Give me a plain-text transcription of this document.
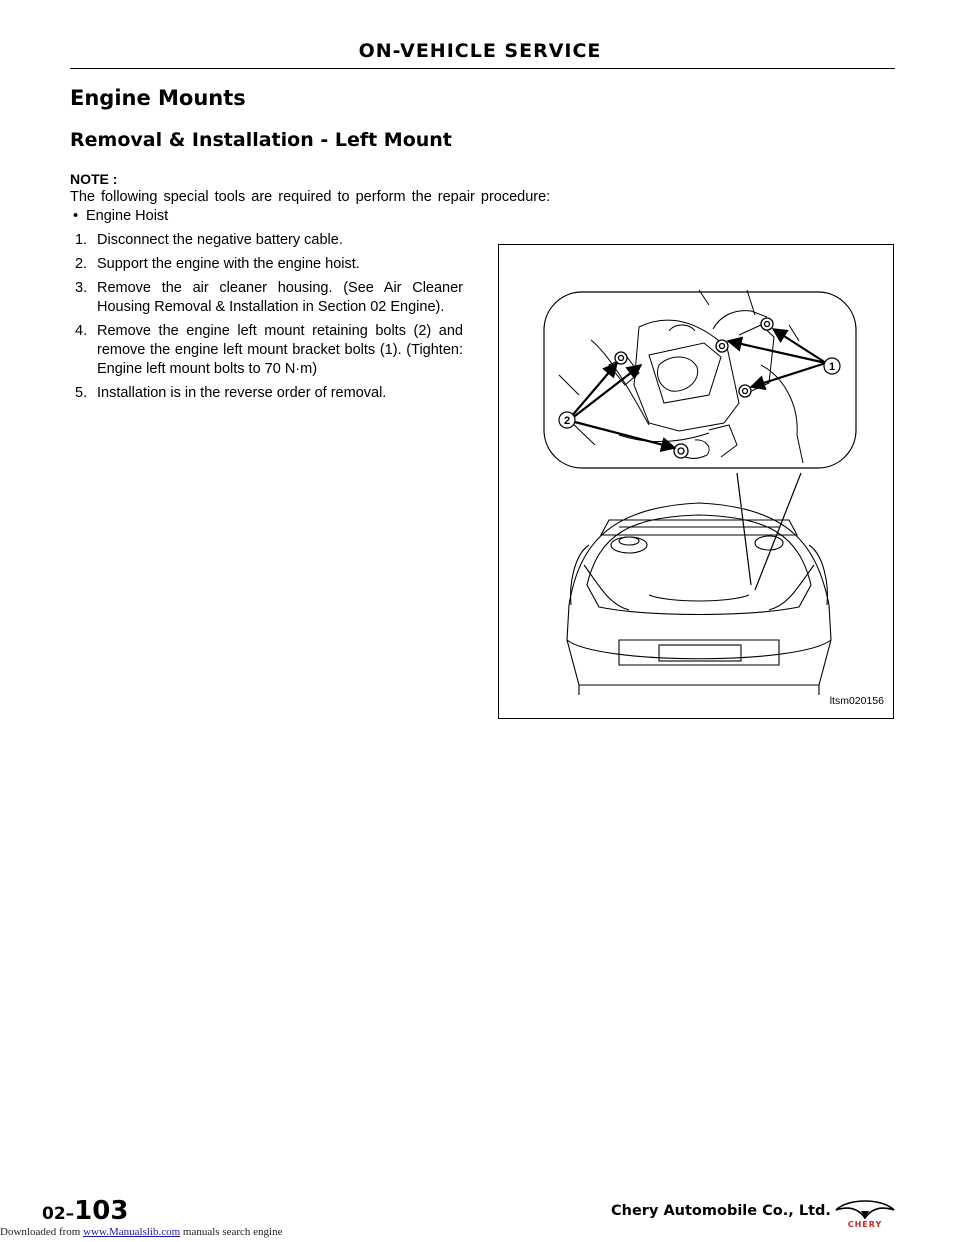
ON-VEHICLE SERVICE
Engine Mounts
Removal & Installation - Left Mount
NOTE :
The following special tools are required to perform the repair procedure:
• Engine Hoist
1. Disconnect the negative battery cable.
2. Support the engine with the engine hoist.
3. Remove the air cleaner housing. (See Air Cleaner Housing Removal & Installation in Section 02 Engine).
4. Remove the engine left mount retaining bolts (2) and remove the engine left mount bracket bolts (1). (Tighten: Engine left mount bolts to 70 N·m)
5. Installation is in the reverse order of removal.
1
2
ltsm020156
02–103	Chery Automobile Co., Ltd.
CHERY
Downloaded from www.Manualslib.com manuals search engine
